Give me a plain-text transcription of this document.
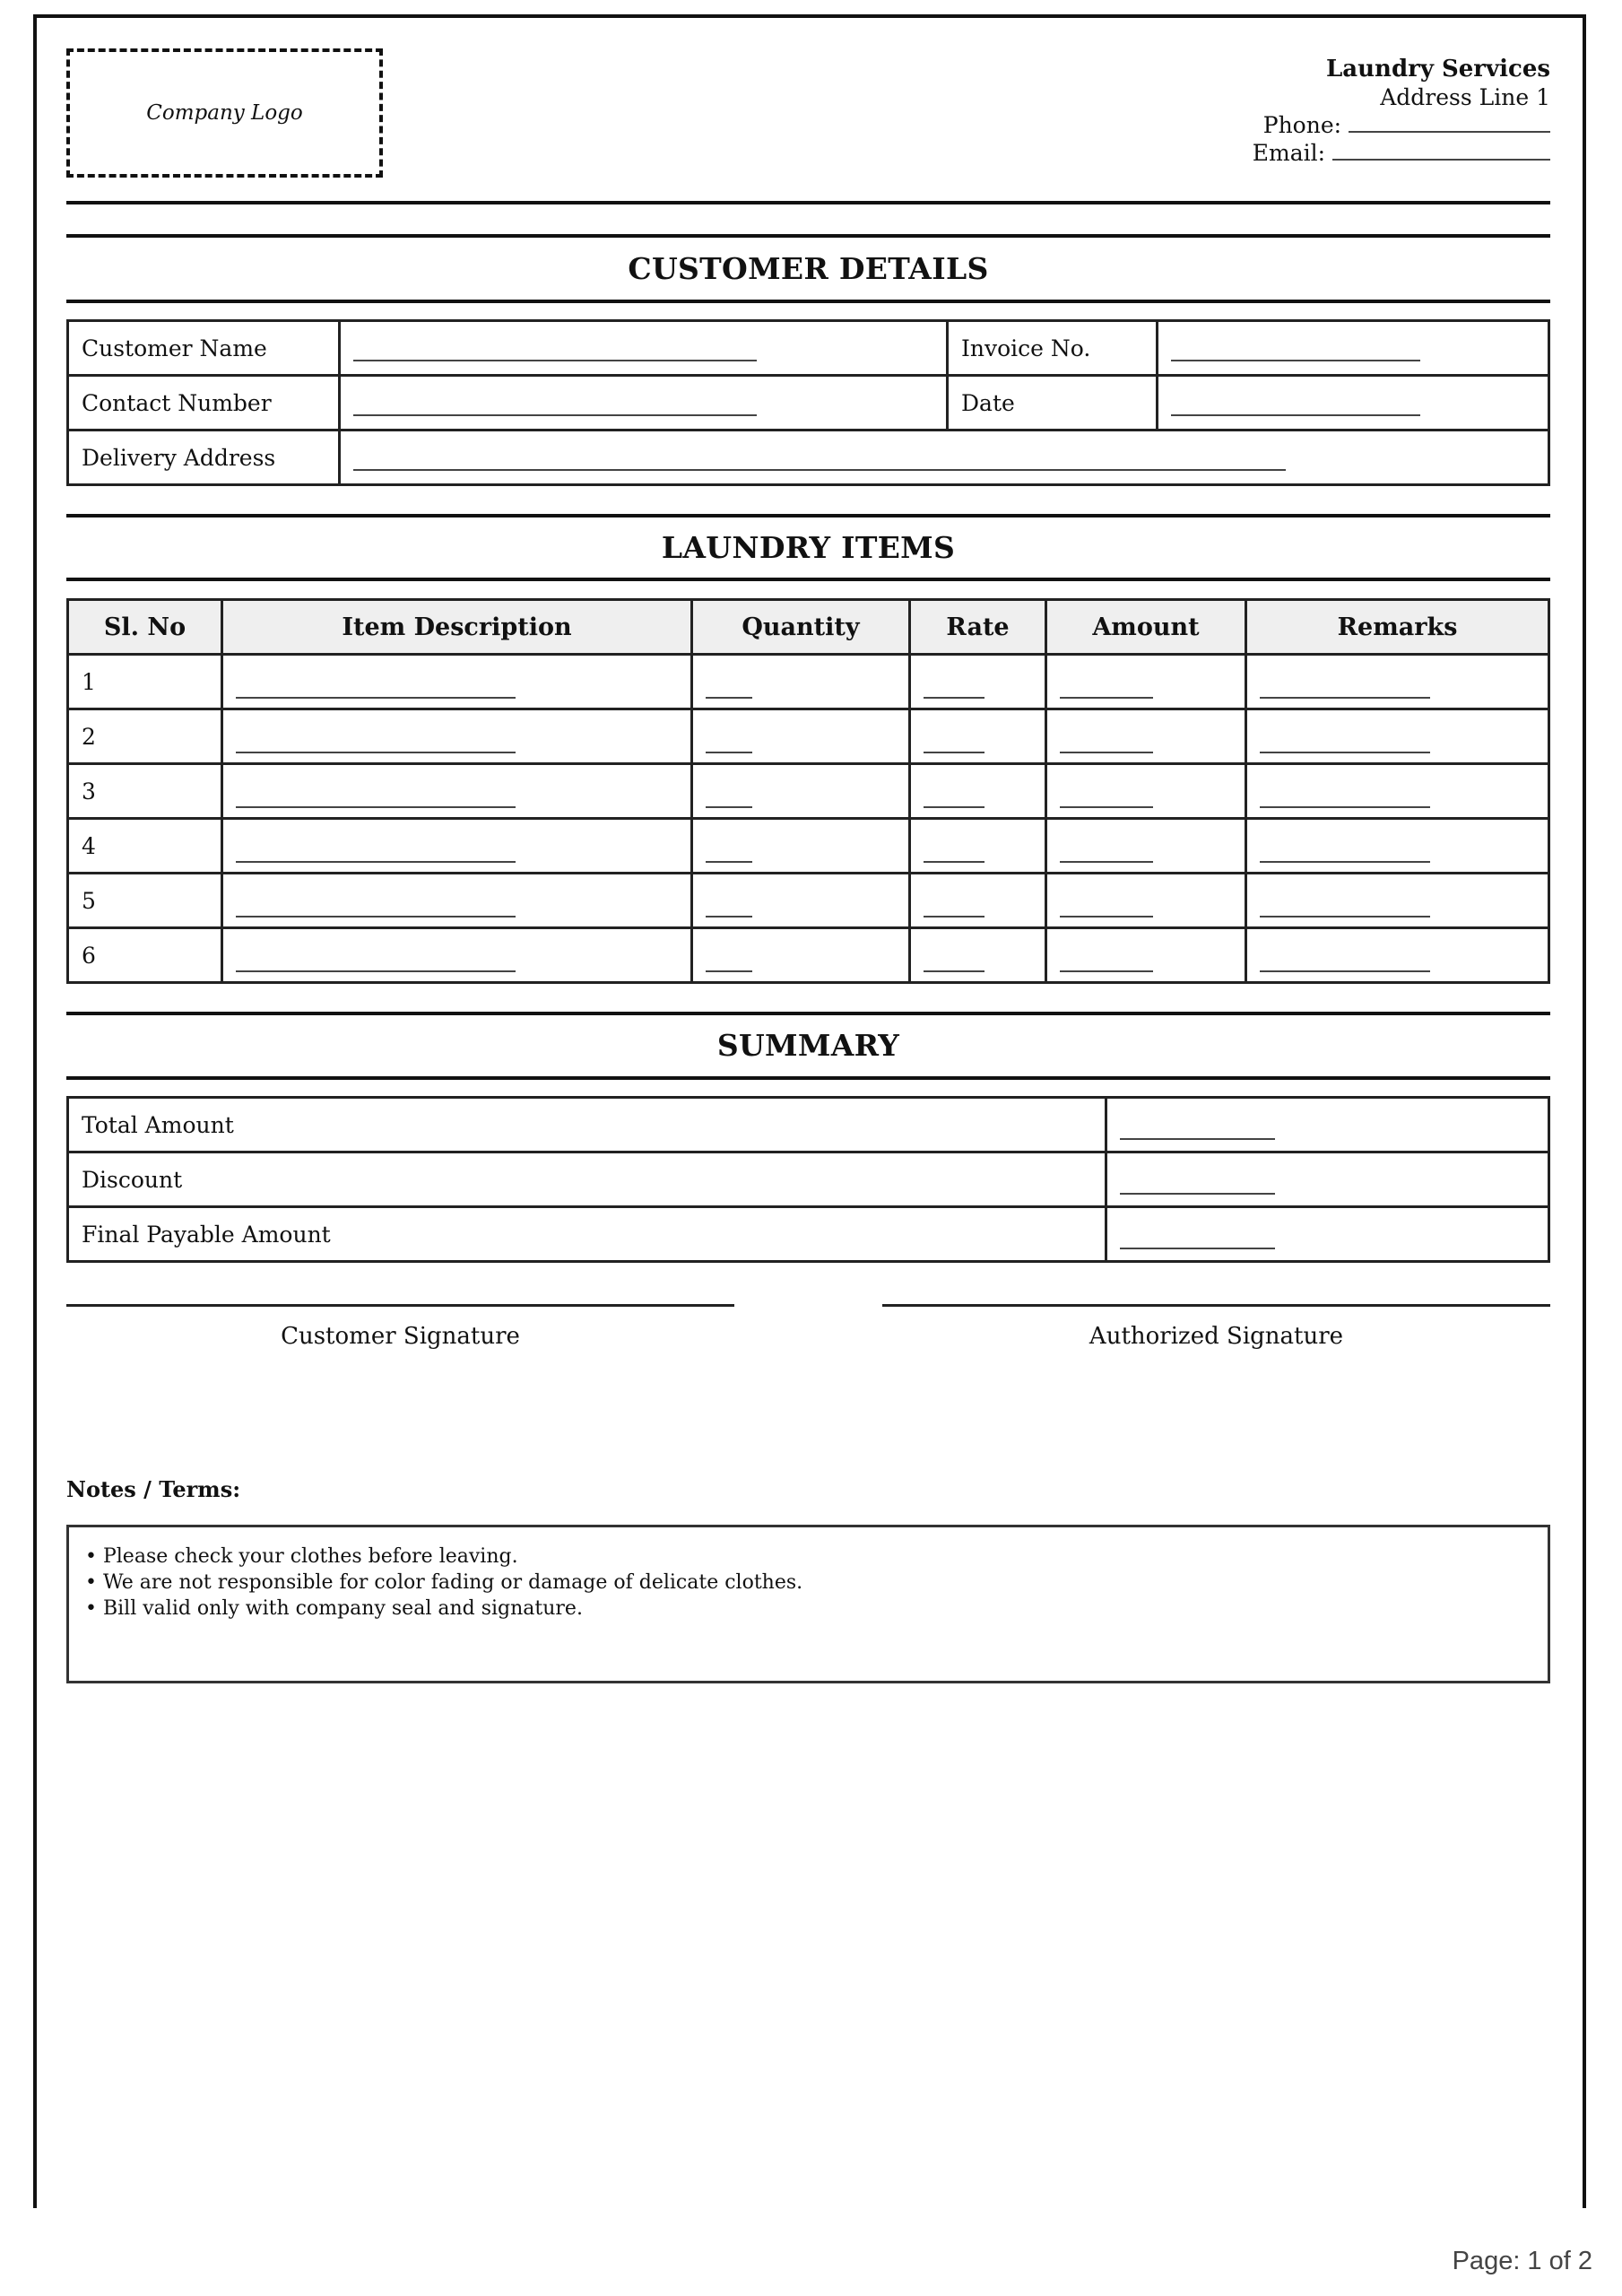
Company Logo
Laundry Services
Address Line 1
Phone:
Email:
CUSTOMER DETAILS
Customer Name		Invoice No.	
Contact Number		Date	
Delivery Address			
LAUNDRY ITEMS
Sl. No	Item Description	Quantity	Rate	Amount	Remarks
1					
2					
3					
4					
5					
6					
SUMMARY
Total Amount	
Discount	
Final Payable Amount	
Customer Signature	Authorized Signature
Notes / Terms:
• Please check your clothes before leaving.
• We are not responsible for color fading or damage of delicate clothes.
• Bill valid only with company seal and signature.
Page: 1 of 2
